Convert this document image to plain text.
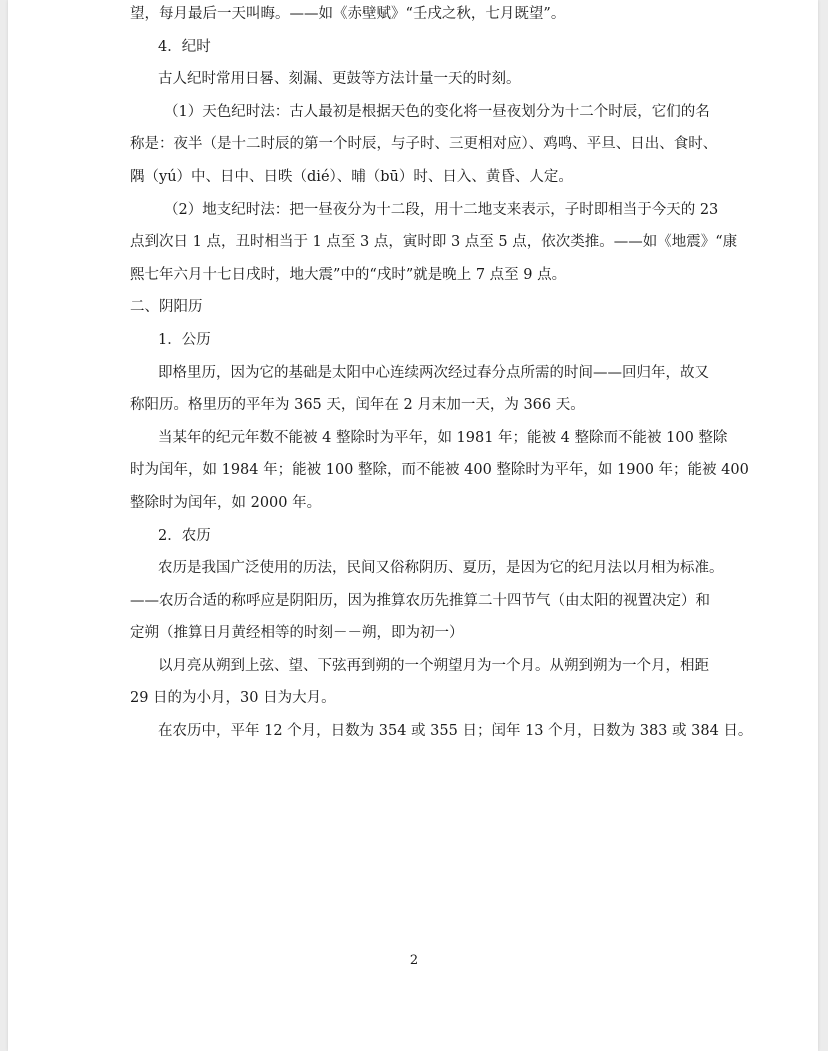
望，每月最后一天叫晦。——如《赤壁赋》“壬戌之秋，七月既望”。

4．纪时

古人纪时常用日晷、刻漏、更鼓等方法计量一天的时刻。

（1）天色纪时法：古人最初是根据天色的变化将一昼夜划分为十二个时辰，它们的名

称是：夜半（是十二时辰的第一个时辰，与子时、三更相对应）、鸡鸣、平旦、日出、食时、

隅（yú）中、日中、日昳（dié）、晡（bū）时、日入、黄昏、人定。

（2）地支纪时法：把一昼夜分为十二段，用十二地支来表示，子时即相当于今天的 23

点到次日 1 点，丑时相当于 1 点至 3 点，寅时即 3 点至 5 点，依次类推。——如《地震》“康

熙七年六月十七日戌时，地大震”中的“戌时”就是晚上 7 点至 9 点。

二、阴阳历

1．公历

即格里历，因为它的基础是太阳中心连续两次经过春分点所需的时间——回归年，故又

称阳历。格里历的平年为 365 天，闰年在 2 月末加一天，为 366 天。

当某年的纪元年数不能被 4 整除时为平年，如 1981 年；能被 4 整除而不能被 100 整除

时为闰年，如 1984 年；能被 100 整除，而不能被 400 整除时为平年，如 1900 年；能被 400

整除时为闰年，如 2000 年。

2．农历

农历是我国广泛使用的历法，民间又俗称阴历、夏历，是因为它的纪月法以月相为标准。

——农历合适的称呼应是阴阳历，因为推算农历先推算二十四节气（由太阳的视置决定）和

定朔（推算日月黄经相等的时刻－－朔，即为初一）

以月亮从朔到上弦、望、下弦再到朔的一个朔望月为一个月。从朔到朔为一个月，相距

29 日的为小月，30 日为大月。

在农历中，平年 12 个月，日数为 354 或 355 日；闰年 13 个月，日数为 383 或 384 日。

2
